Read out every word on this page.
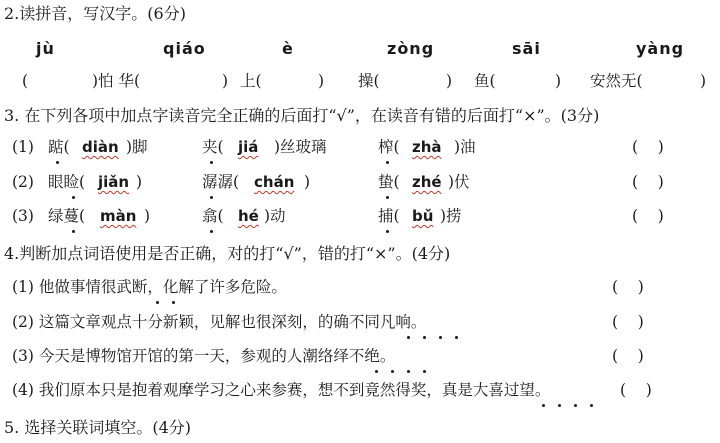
2.读拼音，写汉字。(6分)
jù	qiáo	è	zòng	sāi	yàng
(	)怕 华(	) 上(	) 操(	) 鱼(	) 安然无(	)
3. 在下列各项中加点字读音完全正确的后面打“√”，在读音有错的后面打“×”。(3分)
(1) 踮( diàn )脚	夹( jiá )丝玻璃	榨( zhà )油	(    )
(2) 眼睑( jiǎn )	潺潺( chán )	蛰( zhé )伏	(    )
(3) 绿蔓( màn )	翕( hé )动	捕( bǔ )捞	(    )
4.判断加点词语使用是否正确，对的打“√”，错的打“×”。(4分)
(1) 他做事情很武断，化解了许多危险。	(    )
(2) 这篇文章观点十分新颖，见解也很深刻，的确不同凡响。	(    )
(3) 今天是博物馆开馆的第一天，参观的人潮络绎不绝。	(    )
(4) 我们原本只是抱着观摩学习之心来参赛，想不到竟然得奖，真是大喜过望。	(    )
5. 选择关联词填空。(4分)
